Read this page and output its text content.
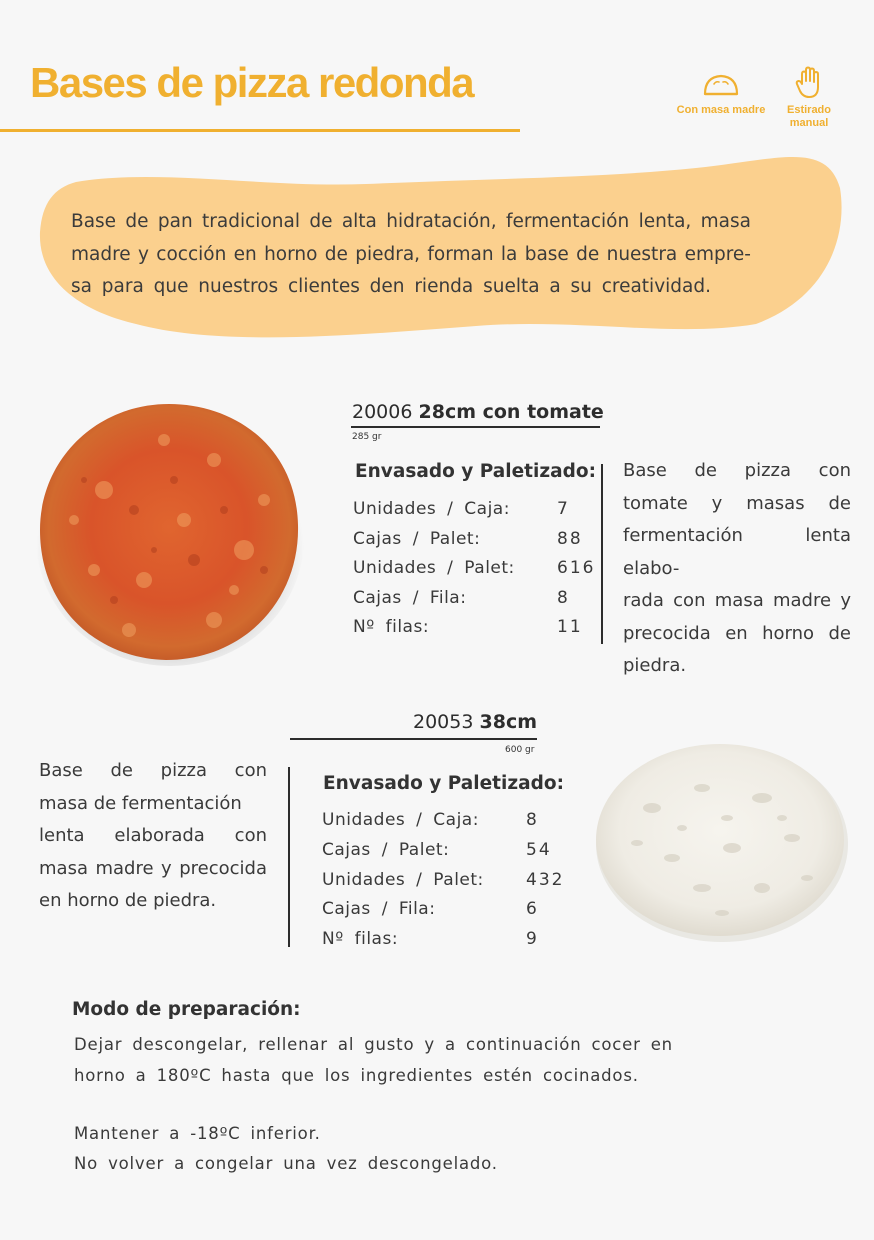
Bases de pizza redonda
Con masa madre	Estirado
manual
Base de pan tradicional de alta hidratación, fermentación lenta, masa
madre y cocción en horno de piedra, forman la base de nuestra empre-
sa para que nuestros clientes den rienda suelta a su creatividad.
20006 28cm con tomate
285 gr
Envasado y Paletizado:
Unidades / Caja:
Cajas / Palet:
Unidades / Palet:
Cajas / Fila:
Nº filas:
7
88
616
8
11
Base de pizza con
tomate y masas de
fermentación lenta elabo-
rada con masa madre y
precocida en horno de
piedra.
20053 38cm
600 gr
Base de pizza con
masa de fermentación
lenta elaborada con
masa madre y precocida
en horno de piedra.
Envasado y Paletizado:
Unidades / Caja:
Cajas / Palet:
Unidades / Palet:
Cajas / Fila:
Nº filas:
8
54
432
6
9
Modo de preparación:
Dejar descongelar, rellenar al gusto y a continuación cocer en
horno a 180ºC hasta que los ingredientes estén cocinados.
Mantener a -18ºC inferior.
No volver a congelar una vez descongelado.
